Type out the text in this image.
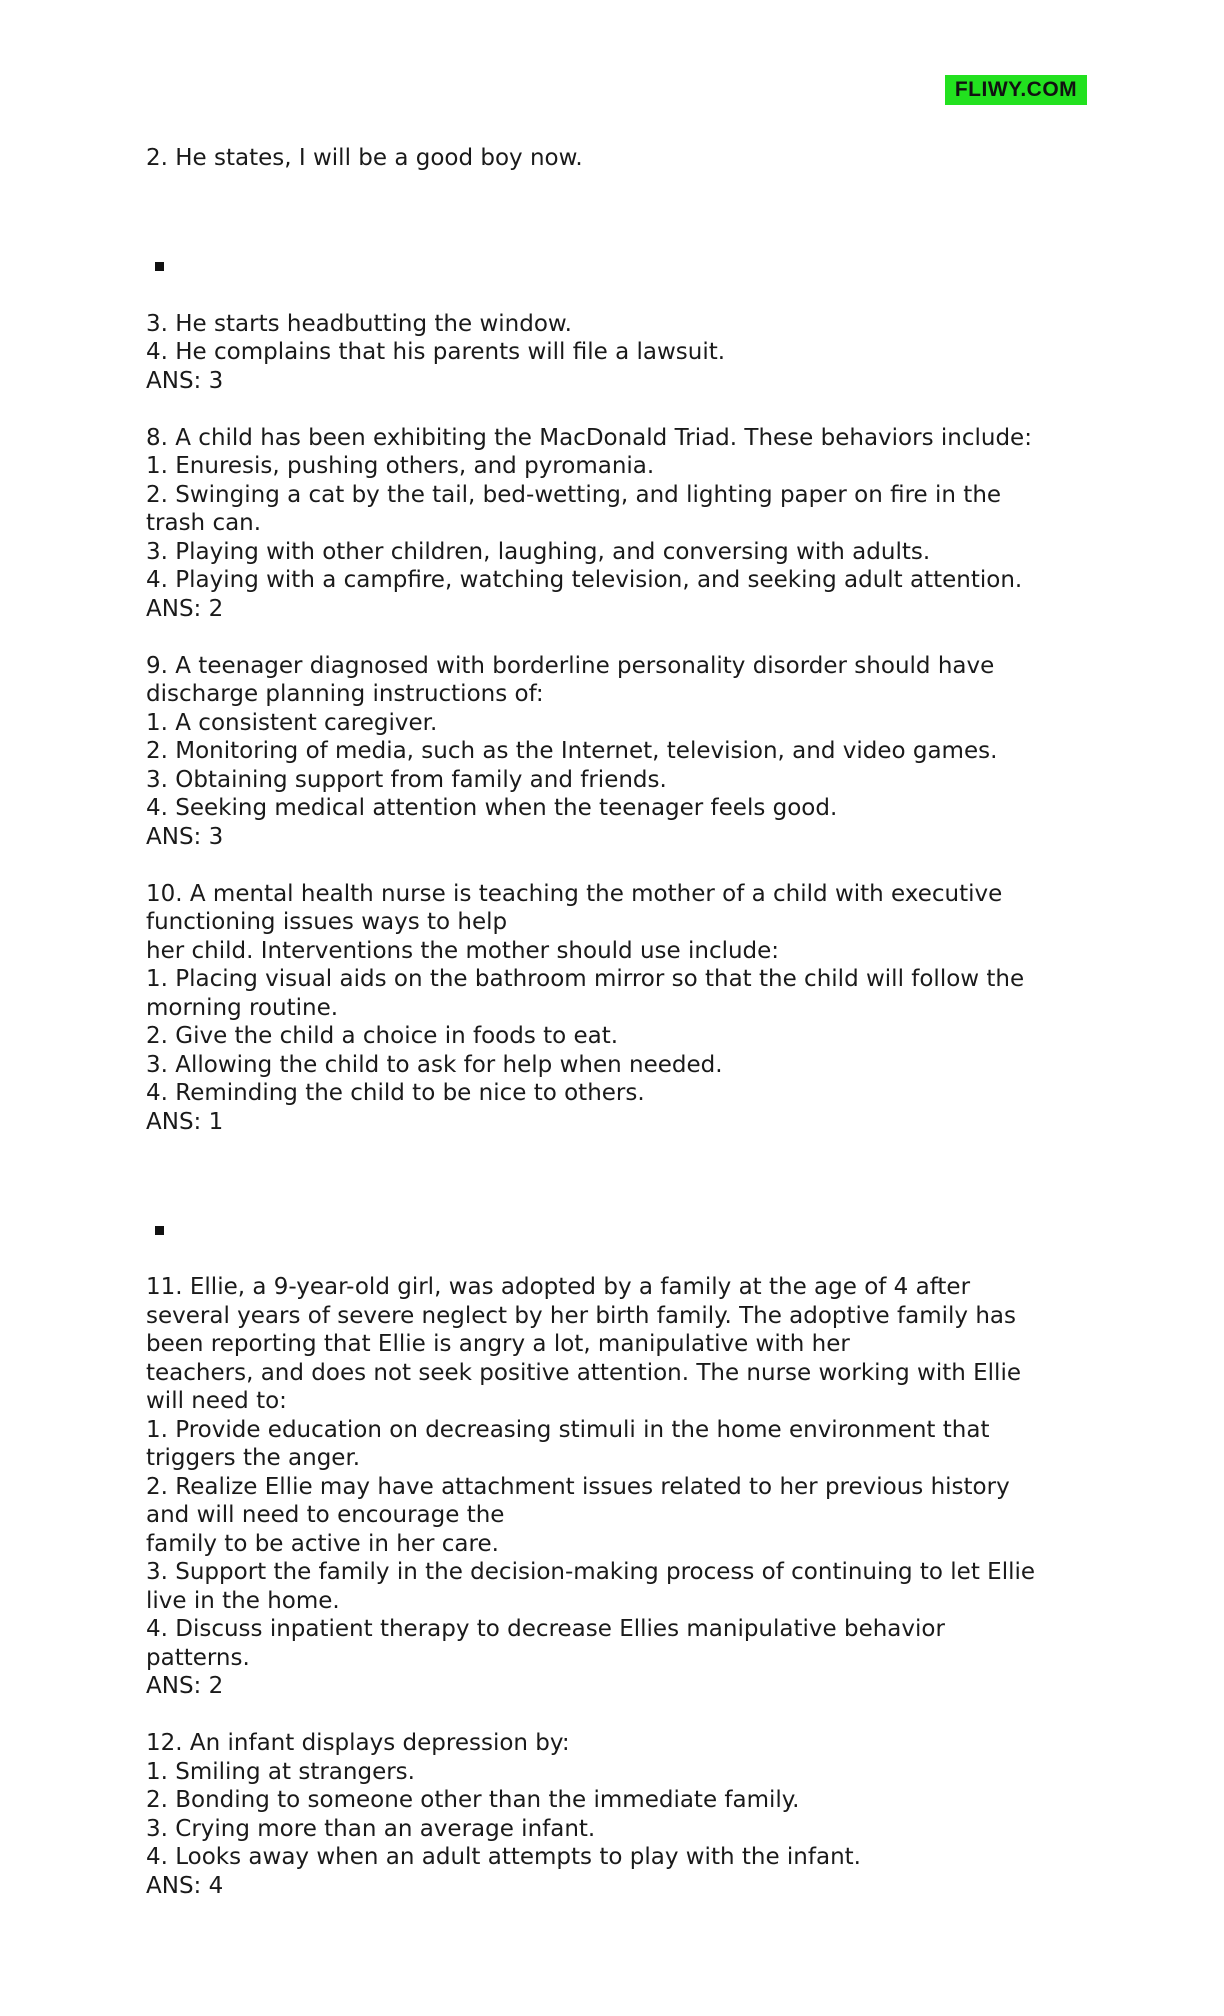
FLIWY.COM
2. He states, I will be a good boy now.
3. He starts headbutting the window.
4. He complains that his parents will file a lawsuit.
ANS: 3
8. A child has been exhibiting the MacDonald Triad. These behaviors include:
1. Enuresis, pushing others, and pyromania.
2. Swinging a cat by the tail, bed-wetting, and lighting paper on fire in the
trash can.
3. Playing with other children, laughing, and conversing with adults.
4. Playing with a campfire, watching television, and seeking adult attention.
ANS: 2
9. A teenager diagnosed with borderline personality disorder should have
discharge planning instructions of:
1. A consistent caregiver.
2. Monitoring of media, such as the Internet, television, and video games.
3. Obtaining support from family and friends.
4. Seeking medical attention when the teenager feels good.
ANS: 3
10. A mental health nurse is teaching the mother of a child with executive
functioning issues ways to help
her child. Interventions the mother should use include:
1. Placing visual aids on the bathroom mirror so that the child will follow the
morning routine.
2. Give the child a choice in foods to eat.
3. Allowing the child to ask for help when needed.
4. Reminding the child to be nice to others.
ANS: 1
11. Ellie, a 9-year-old girl, was adopted by a family at the age of 4 after
several years of severe neglect by her birth family. The adoptive family has
been reporting that Ellie is angry a lot, manipulative with her
teachers, and does not seek positive attention. The nurse working with Ellie
will need to:
1. Provide education on decreasing stimuli in the home environment that
triggers the anger.
2. Realize Ellie may have attachment issues related to her previous history
and will need to encourage the
family to be active in her care.
3. Support the family in the decision-making process of continuing to let Ellie
live in the home.
4. Discuss inpatient therapy to decrease Ellies manipulative behavior
patterns.
ANS: 2
12. An infant displays depression by:
1. Smiling at strangers.
2. Bonding to someone other than the immediate family.
3. Crying more than an average infant.
4. Looks away when an adult attempts to play with the infant.
ANS: 4
